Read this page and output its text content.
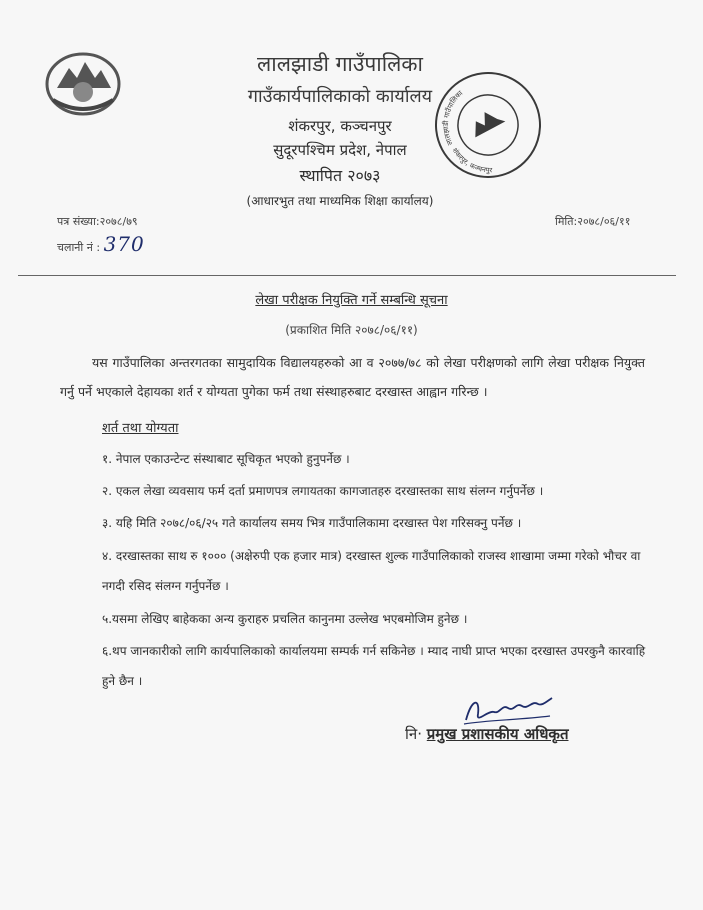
लालझाडी गाउँपालिका
गाउँकार्यपालिकाको कार्यालय
शंकरपुर, कञ्चनपुर
सुदूरपश्चिम प्रदेश, नेपाल
स्थापित २०७३
(आधारभुत तथा माध्यमिक शिक्षा कार्यालय)
लालझाडी गाउँपालिका
शंकरपुर, कञ्चनपुर
पत्र संख्या:२०७८/७९
चलानी नं : 370
मिति:२०७८/०६/११
लेखा परीक्षक नियुक्ति गर्ने सम्बन्धि सूचना
(प्रकाशित मिति २०७८/०६/११)
यस गाउँपालिका अन्तरगतका सामुदायिक विद्यालयहरुको आ व २०७७/७८ को लेखा परीक्षणको लागि लेखा परीक्षक नियुक्त गर्नु पर्ने भएकाले देहायका शर्त र योग्यता पुगेका फर्म तथा संस्थाहरुबाट दरखास्त आह्वान गरिन्छ ।
शर्त तथा योग्यता
१. नेपाल एकाउन्टेन्ट संस्थाबाट सूचिकृत भएको हुनुपर्नेछ ।
२. एकल लेखा व्यवसाय फर्म दर्ता प्रमाणपत्र लगायतका कागजातहरु दरखास्तका साथ संलग्न गर्नुपर्नेछ ।
३. यहि मिति २०७८/०६/२५ गते कार्यालय समय भित्र गाउँपालिकामा दरखास्त पेश गरिसक्नु पर्नेछ ।
४. दरखास्तका साथ रु १००० (अक्षेरुपी एक हजार मात्र) दरखास्त शुल्क गाउँपालिकाको राजस्व शाखामा जम्मा गरेको भौचर वा नगदी रसिद संलग्न गर्नुपर्नेछ ।
५.यसमा लेखिए बाहेकका अन्य कुराहरु प्रचलित कानुनमा उल्लेख भएबमोजिम हुनेछ ।
६.थप जानकारीको लागि कार्यपालिकाको कार्यालयमा सम्पर्क गर्न सकिनेछ । म्याद नाघी प्राप्त भएका दरखास्त उपरकुनै कारवाहि हुने छैन ।
नि· प्रमुख प्रशासकीय अधिकृत
